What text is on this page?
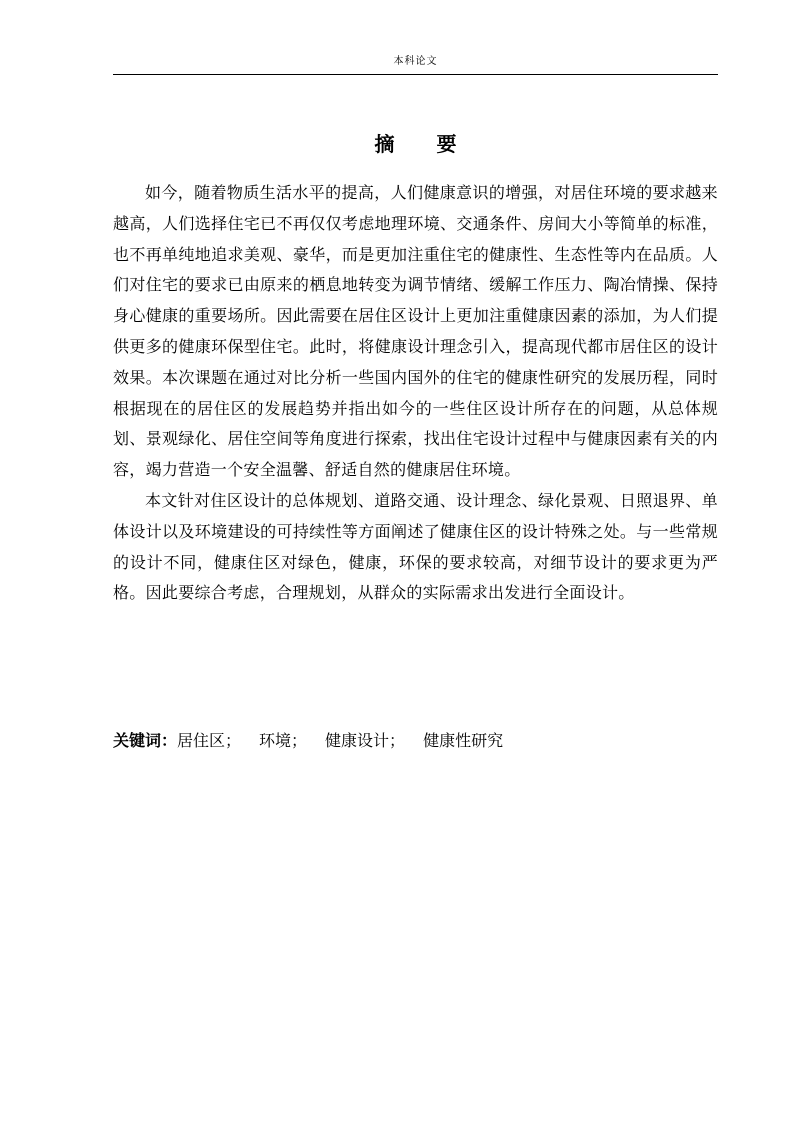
本科论文
摘 要

如今，随着物质生活水平的提高，人们健康意识的增强，对居住环境的要求越来越高，人们选择住宅已不再仅仅考虑地理环境、交通条件、房间大小等简单的标准，也不再单纯地追求美观、豪华，而是更加注重住宅的健康性、生态性等内在品质。人们对住宅的要求已由原来的栖息地转变为调节情绪、缓解工作压力、陶冶情操、保持身心健康的重要场所。因此需要在居住区设计上更加注重健康因素的添加，为人们提供更多的健康环保型住宅。此时，将健康设计理念引入，提高现代都市居住区的设计效果。本次课题在通过对比分析一些国内国外的住宅的健康性研究的发展历程，同时根据现在的居住区的发展趋势并指出如今的一些住区设计所存在的问题，从总体规划、景观绿化、居住空间等角度进行探索，找出住宅设计过程中与健康因素有关的内容，竭力营造一个安全温馨、舒适自然的健康居住环境。

本文针对住区设计的总体规划、道路交通、设计理念、绿化景观、日照退界、单体设计以及环境建设的可持续性等方面阐述了健康住区的设计特殊之处。与一些常规的设计不同，健康住区对绿色，健康，环保的要求较高，对细节设计的要求更为严格。因此要综合考虑，合理规划，从群众的实际需求出发进行全面设计。

关键词：居住区； 环境； 健康设计； 健康性研究
